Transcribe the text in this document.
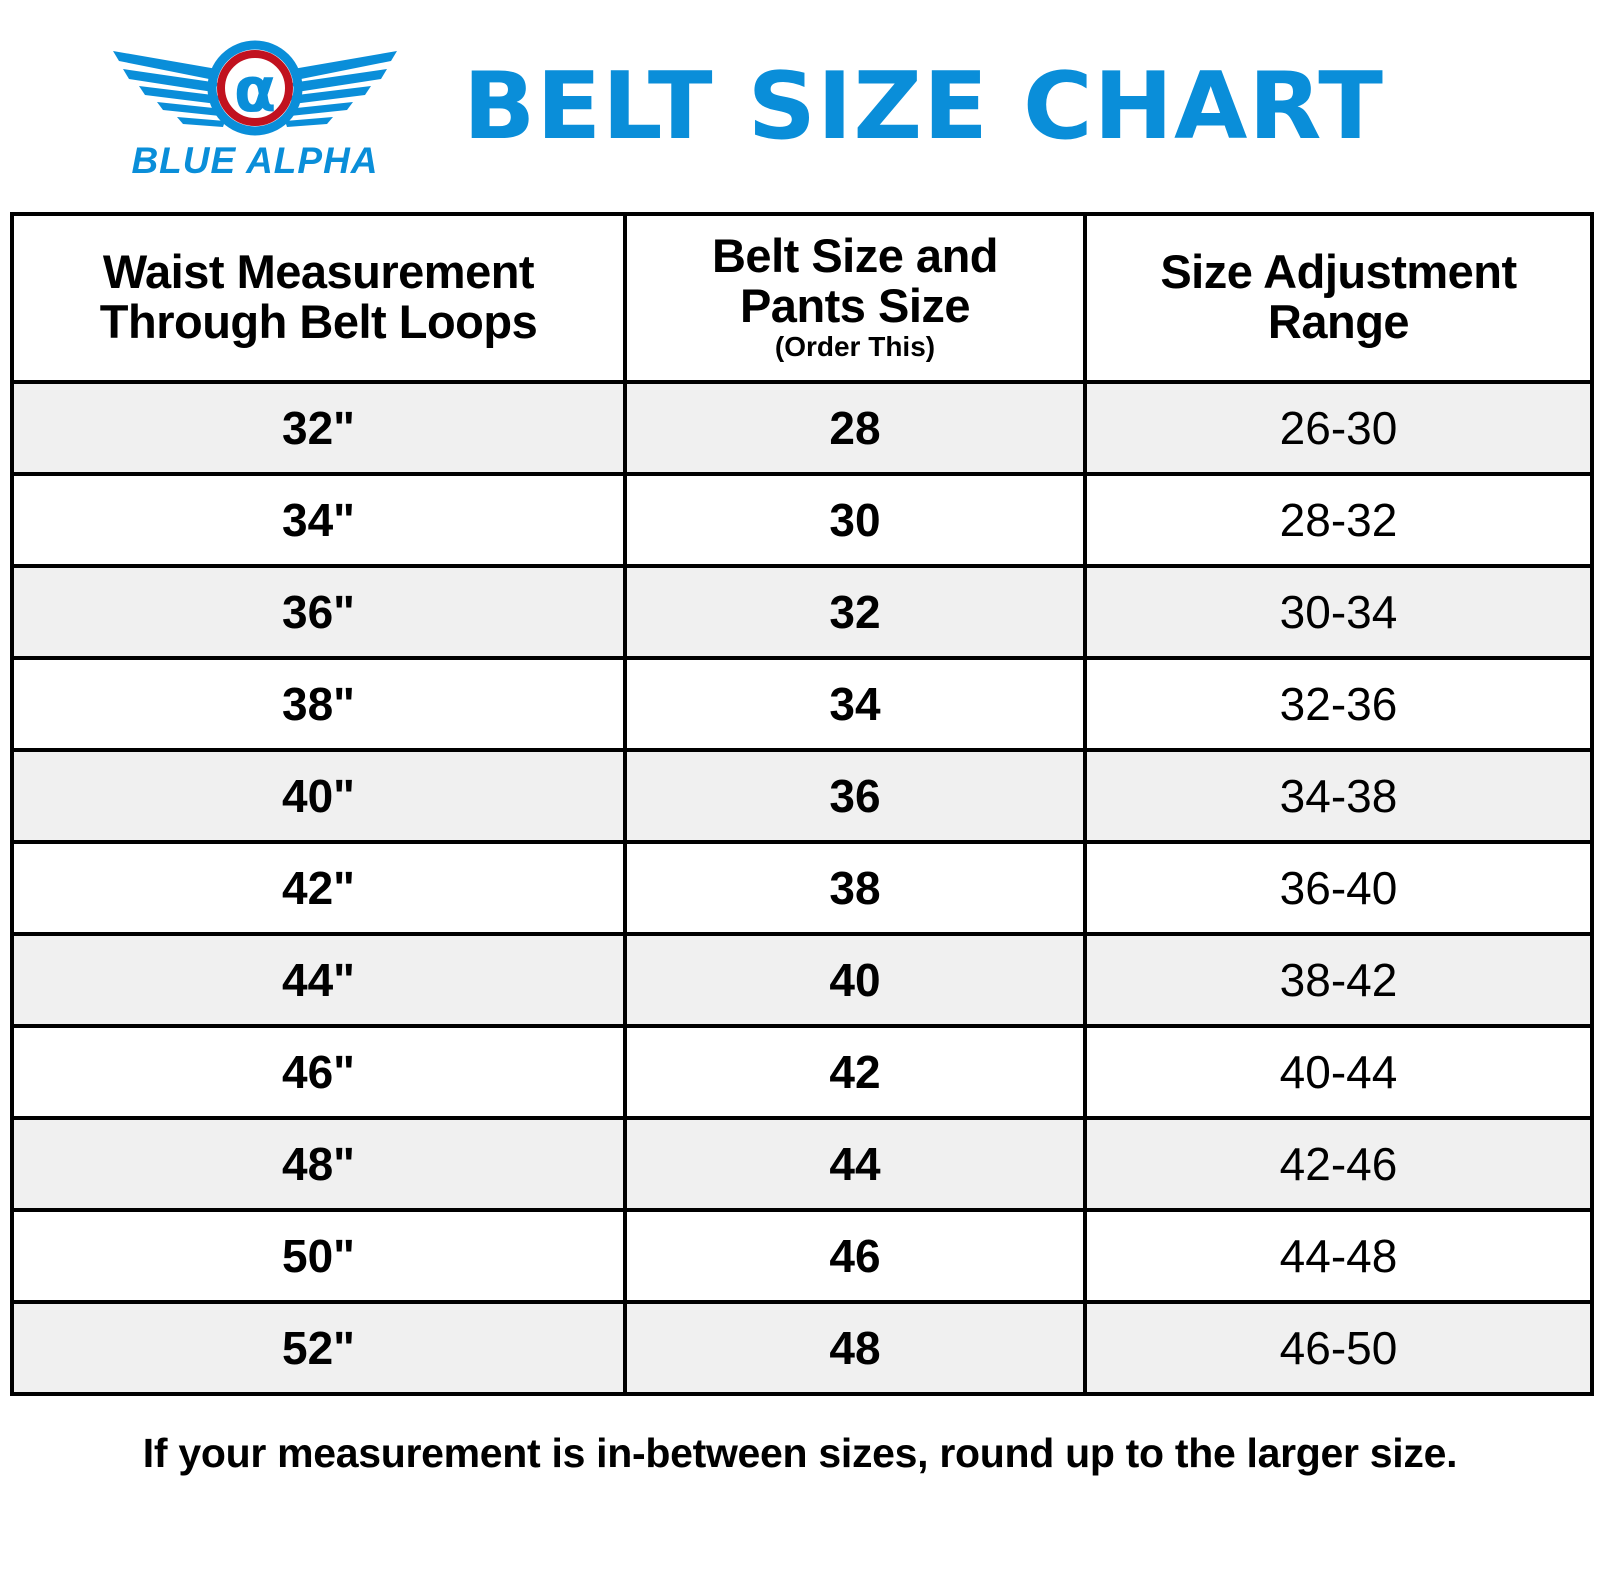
α
BLUE ALPHA BELT SIZE CHART
Waist Measurement
Through Belt Loops

Belt Size and
Pants Size
(Order This)

Size Adjustment
Range

32"	28	26-30
34"	30	28-32
36"	32	30-34
38"	34	32-36
40"	36	34-38
42"	38	36-40
44"	40	38-42
46"	42	40-44
48"	44	42-46
50"	46	44-48
52"	48	46-50
If your measurement is in-between sizes, round up to the larger size.
